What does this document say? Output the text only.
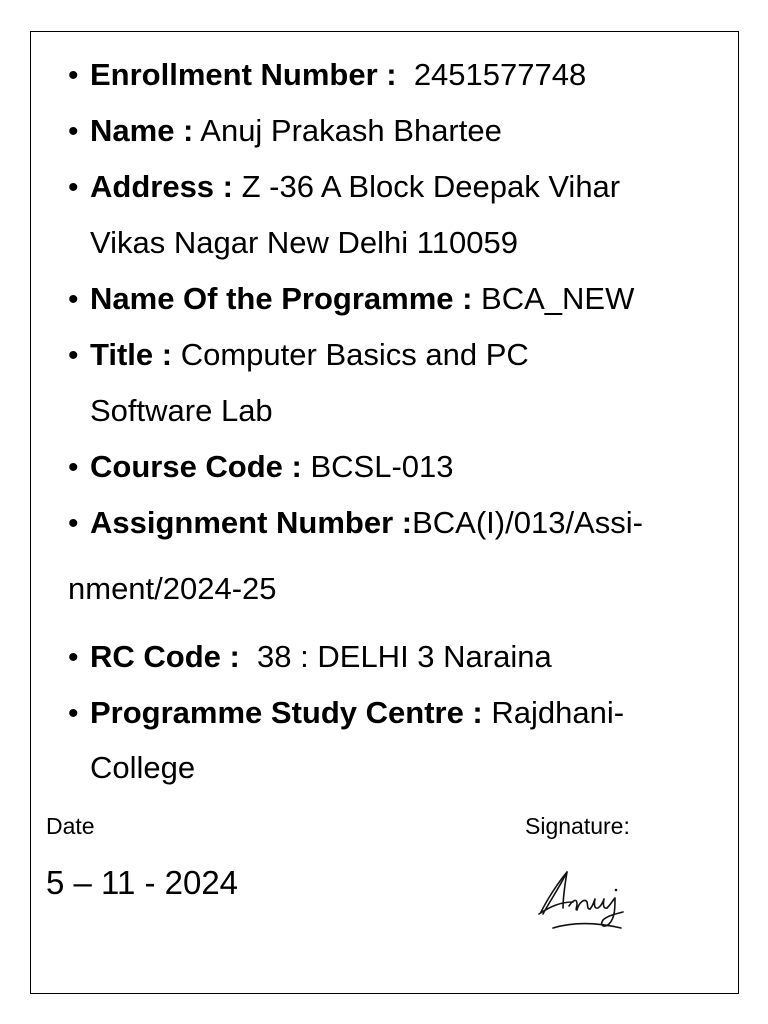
• Enrollment Number :  2451577748
• Name : Anuj Prakash Bhartee
• Address : Z -36 A Block Deepak Vihar
Vikas Nagar New Delhi 110059
• Name Of the Programme : BCA_NEW
• Title : Computer Basics and PC
Software Lab
• Course Code : BCSL-013
• Assignment Number :BCA(I)/013/Assi-
nment/2024-25
• RC Code :  38 : DELHI 3 Naraina
• Programme Study Centre : Rajdhani-
College
Date
5 – 11 - 2024
Signature:
